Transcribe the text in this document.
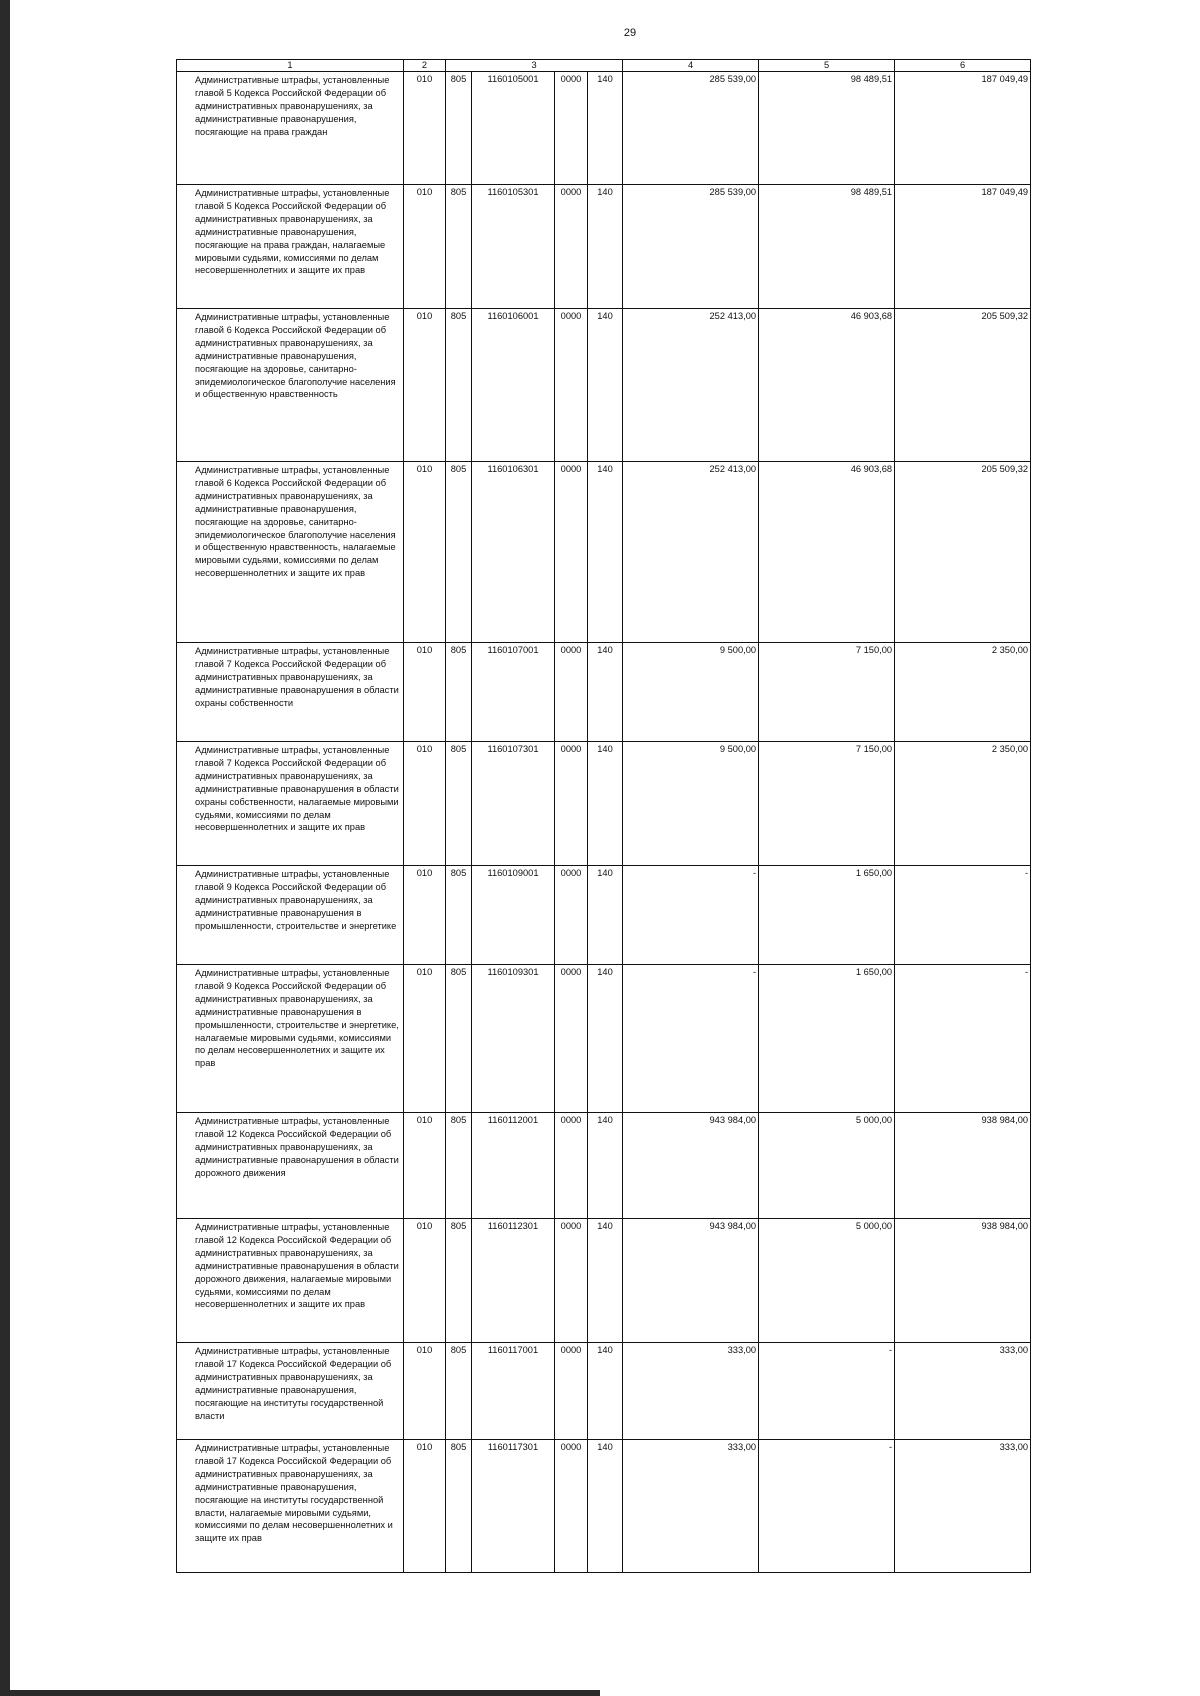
29
1	2	3				4	5	6
Административные штрафы, установленные главой 5 Кодекса Российской Федерации об административных правонарушениях, за административные правонарушения, посягающие на права граждан	010	805	1160105001	0000	140	285 539,00	98 489,51	187 049,49
Административные штрафы, установленные главой 5 Кодекса Российской Федерации об административных правонарушениях, за административные правонарушения, посягающие на права граждан, налагаемые мировыми судьями, комиссиями по делам несовершеннолетних и защите их прав	010	805	1160105301	0000	140	285 539,00	98 489,51	187 049,49
Административные штрафы, установленные главой 6 Кодекса Российской Федерации об административных правонарушениях, за административные правонарушения, посягающие на здоровье, санитарно-эпидемиологическое благополучие населения и общественную нравственность	010	805	1160106001	0000	140	252 413,00	46 903,68	205 509,32
Административные штрафы, установленные главой 6 Кодекса Российской Федерации об административных правонарушениях, за административные правонарушения, посягающие на здоровье, санитарно-эпидемиологическое благополучие населения и общественную нравственность, налагаемые мировыми судьями, комиссиями по делам несовершеннолетних и защите их прав	010	805	1160106301	0000	140	252 413,00	46 903,68	205 509,32
Административные штрафы, установленные главой 7 Кодекса Российской Федерации об административных правонарушениях, за административные правонарушения в области охраны собственности	010	805	1160107001	0000	140	9 500,00	7 150,00	2 350,00
Административные штрафы, установленные главой 7 Кодекса Российской Федерации об административных правонарушениях, за административные правонарушения в области охраны собственности, налагаемые мировыми судьями, комиссиями по делам несовершеннолетних и защите их прав	010	805	1160107301	0000	140	9 500,00	7 150,00	2 350,00
Административные штрафы, установленные главой 9 Кодекса Российской Федерации об административных правонарушениях, за административные правонарушения в промышленности, строительстве и энергетике	010	805	1160109001	0000	140	-	1 650,00	-
Административные штрафы, установленные главой 9 Кодекса Российской Федерации об административных правонарушениях, за административные правонарушения в промышленности, строительстве и энергетике, налагаемые мировыми судьями, комиссиями по делам несовершеннолетних и защите их прав	010	805	1160109301	0000	140	-	1 650,00	-
Административные штрафы, установленные главой 12 Кодекса Российской Федерации об административных правонарушениях, за административные правонарушения в области дорожного движения	010	805	1160112001	0000	140	943 984,00	5 000,00	938 984,00
Административные штрафы, установленные главой 12 Кодекса Российской Федерации об административных правонарушениях, за административные правонарушения в области дорожного движения, налагаемые мировыми судьями, комиссиями по делам несовершеннолетних и защите их прав	010	805	1160112301	0000	140	943 984,00	5 000,00	938 984,00
Административные штрафы, установленные главой 17 Кодекса Российской Федерации об административных правонарушениях, за административные правонарушения, посягающие на институты государственной власти	010	805	1160117001	0000	140	333,00	-	333,00
Административные штрафы, установленные главой 17 Кодекса Российской Федерации об административных правонарушениях, за административные правонарушения, посягающие на институты государственной власти, налагаемые мировыми судьями, комиссиями по делам несовершеннолетних и защите их прав	010	805	1160117301	0000	140	333,00	-	333,00
